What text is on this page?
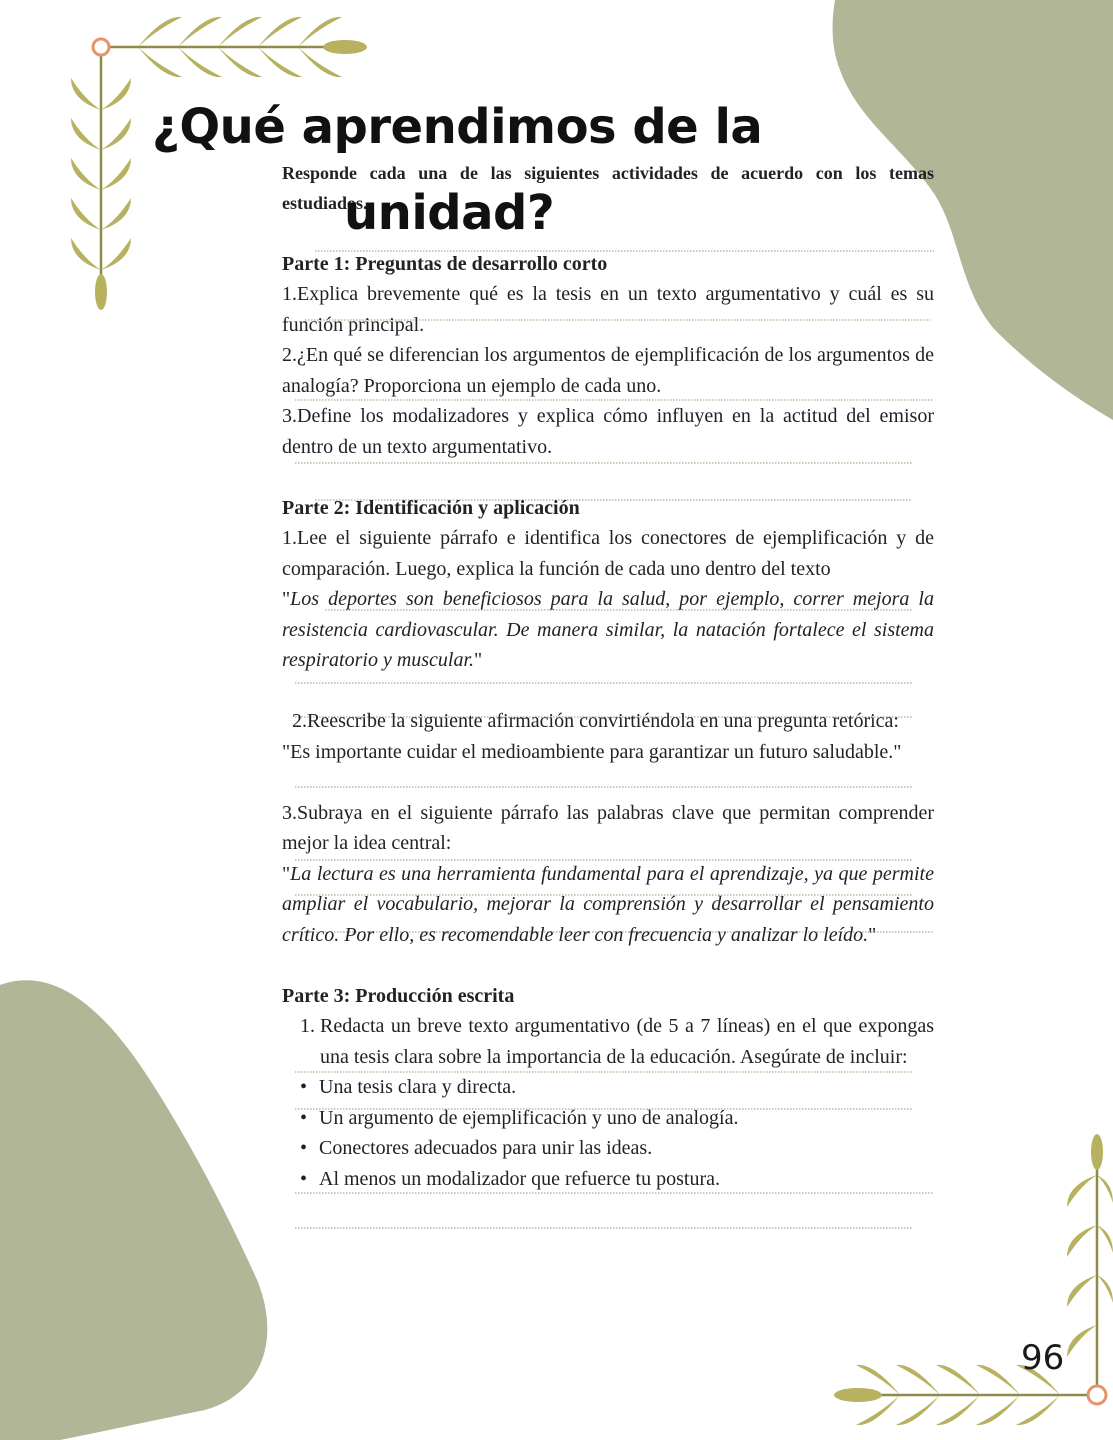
¿Qué aprendimos de la
unidad?

Responde cada una de las siguientes actividades de acuerdo con los temas estudiados.

Parte 1: Preguntas de desarrollo corto

1.Explica brevemente qué es la tesis en un texto argumentativo y cuál es su función principal.

2.¿En qué se diferencian los argumentos de ejemplificación de los argumentos de analogía? Proporciona un ejemplo de cada uno.

3.Define los modalizadores y explica cómo influyen en la actitud del emisor dentro de un texto argumentativo.

Parte 2: Identificación y aplicación

1.Lee el siguiente párrafo e identifica los conectores de ejemplificación y de comparación. Luego, explica la función de cada uno dentro del texto

"Los deportes son beneficiosos para la salud, por ejemplo, correr mejora la resistencia cardiovascular. De manera similar, la natación fortalece el sistema respiratorio y muscular."

2.Reescribe la siguiente afirmación convirtiéndola en una pregunta retórica:

"Es importante cuidar el medioambiente para garantizar un futuro saludable."

3.Subraya en el siguiente párrafo las palabras clave que permitan comprender mejor la idea central:

"La lectura es una herramienta fundamental para el aprendizaje, ya que permite ampliar el vocabulario, mejorar la comprensión y desarrollar el pensamiento crítico. Por ello, es recomendable leer con frecuencia y analizar lo leído."

Parte 3: Producción escrita

1. Redacta un breve texto argumentativo (de 5 a 7 líneas) en el que expongas una tesis clara sobre la importancia de la educación. Asegúrate de incluir:
• Una tesis clara y directa.
• Un argumento de ejemplificación y uno de analogía.
• Conectores adecuados para unir las ideas.
• Al menos un modalizador que refuerce tu postura.
96
